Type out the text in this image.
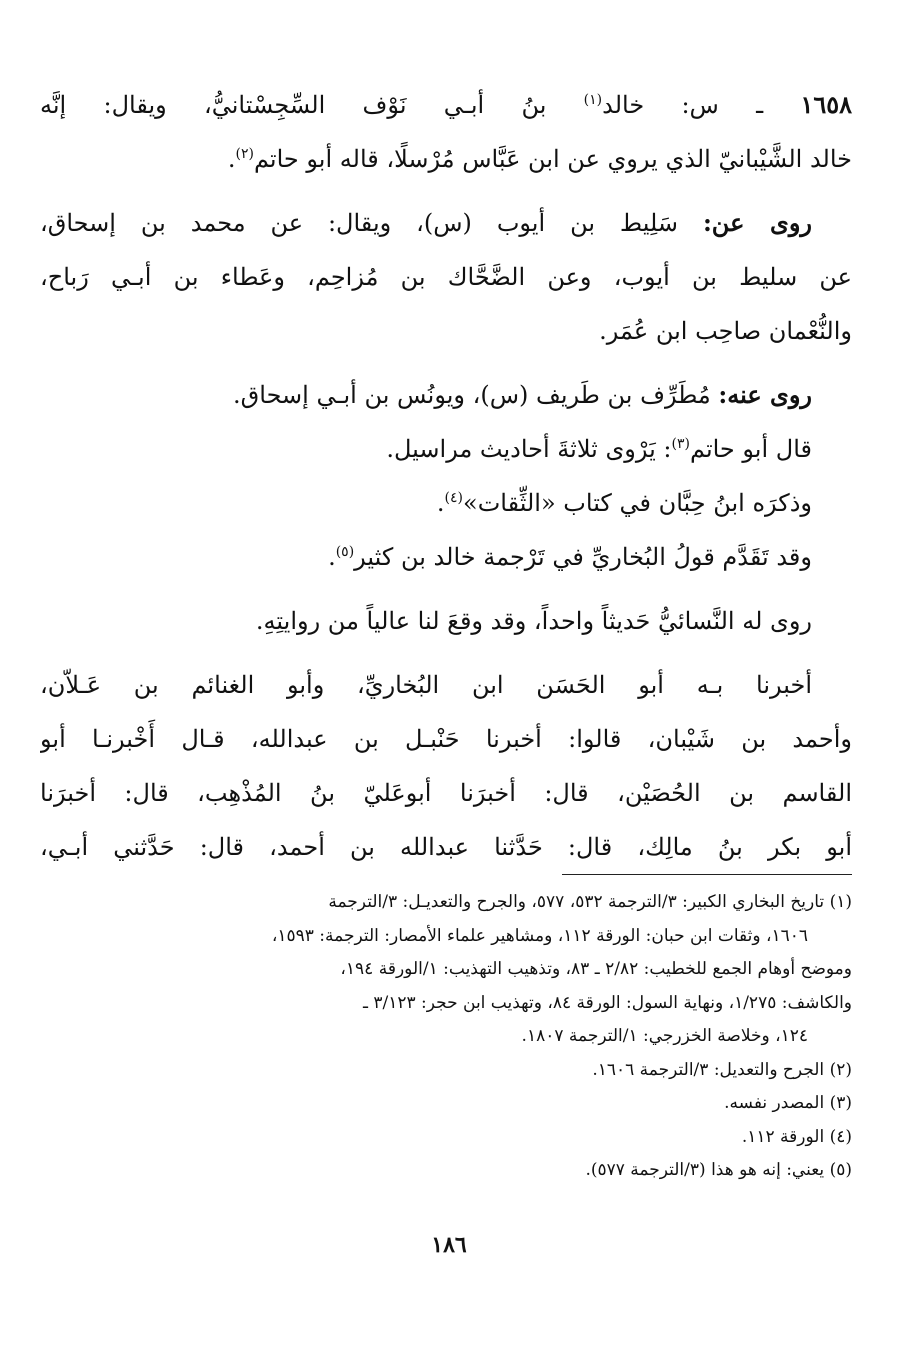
١٦٥٨ ـ س: خالد$^{(١)}$ بنُ أبـي نَوْف السِّجِسْتانيُّ، ويقال: إنَّه
خالد الشَّيْبانيّ الذي يروي عن ابن عَبَّاس مُرْسلًا، قاله أبو حاتم$^{(٢)}$.
روى عن: سَلِيط بن أيوب (س)، ويقال: عن محمد بن إسحاق،
عن سليط بن أيوب، وعن الضَّحَّاك بن مُزاحِم، وعَطاء بن أبـي رَباح،
والنُّعْمان صاحِب ابن عُمَر.
روى عنه: مُطَرِّف بن طَريف (س)، ويونُس بن أبـي إسحاق.
قال أبو حاتم$^{(٣)}$: يَرْوى ثلاثةَ أحاديث مراسيل.
وذكرَه ابنُ حِبَّان في كتاب «الثِّقات»$^{(٤)}$.
وقد تَقَدَّم قولُ البُخاريِّ في تَرْجمة خالد بن كثير$^{(٥)}$.
روى له النَّسائيُّ حَديثاً واحداً، وقد وقعَ لنا عالياً من روايتِهِ.
أخبرنا بـه أبو الحَسَن ابن البُخاريِّ، وأبو الغنائم بن عَـلاّن،
وأحمد بن شَيْبان، قالوا: أخبرنا حَنْبـل بن عبدالله، قـال أَخْبرنـا أبو
القاسم بن الحُصَيْن، قال: أخبرَنا أبوعَليّ بنُ المُذْهِب، قال: أخبرَنا
أبو بكر بنُ مالِك، قال: حَدَّثنا عبدالله بن أحمد، قال: حَدَّثني أبـي،
(١) تاريخ البخاري الكبير: ٣/الترجمة ٥٣٢، ٥٧٧، والجرح والتعديـل: ٣/الترجمة
١٦٠٦، وثقات ابن حبان: الورقة ١١٢، ومشاهير علماء الأمصار: الترجمة: ١٥٩٣،
وموضح أوهام الجمع للخطيب: ٢/٨٢ ـ ٨٣، وتذهيب التهذيب: ١/الورقة ١٩٤،
والكاشف: ١/٢٧٥، ونهاية السول: الورقة ٨٤، وتهذيب ابن حجر: ٣/١٢٣ ـ
١٢٤، وخلاصة الخزرجي: ١/الترجمة ١٨٠٧.
(٢) الجرح والتعديل: ٣/الترجمة ١٦٠٦.
(٣) المصدر نفسه.
(٤) الورقة ١١٢.
(٥) يعني: إنه هو هذا (٣/الترجمة ٥٧٧).
١٨٦
